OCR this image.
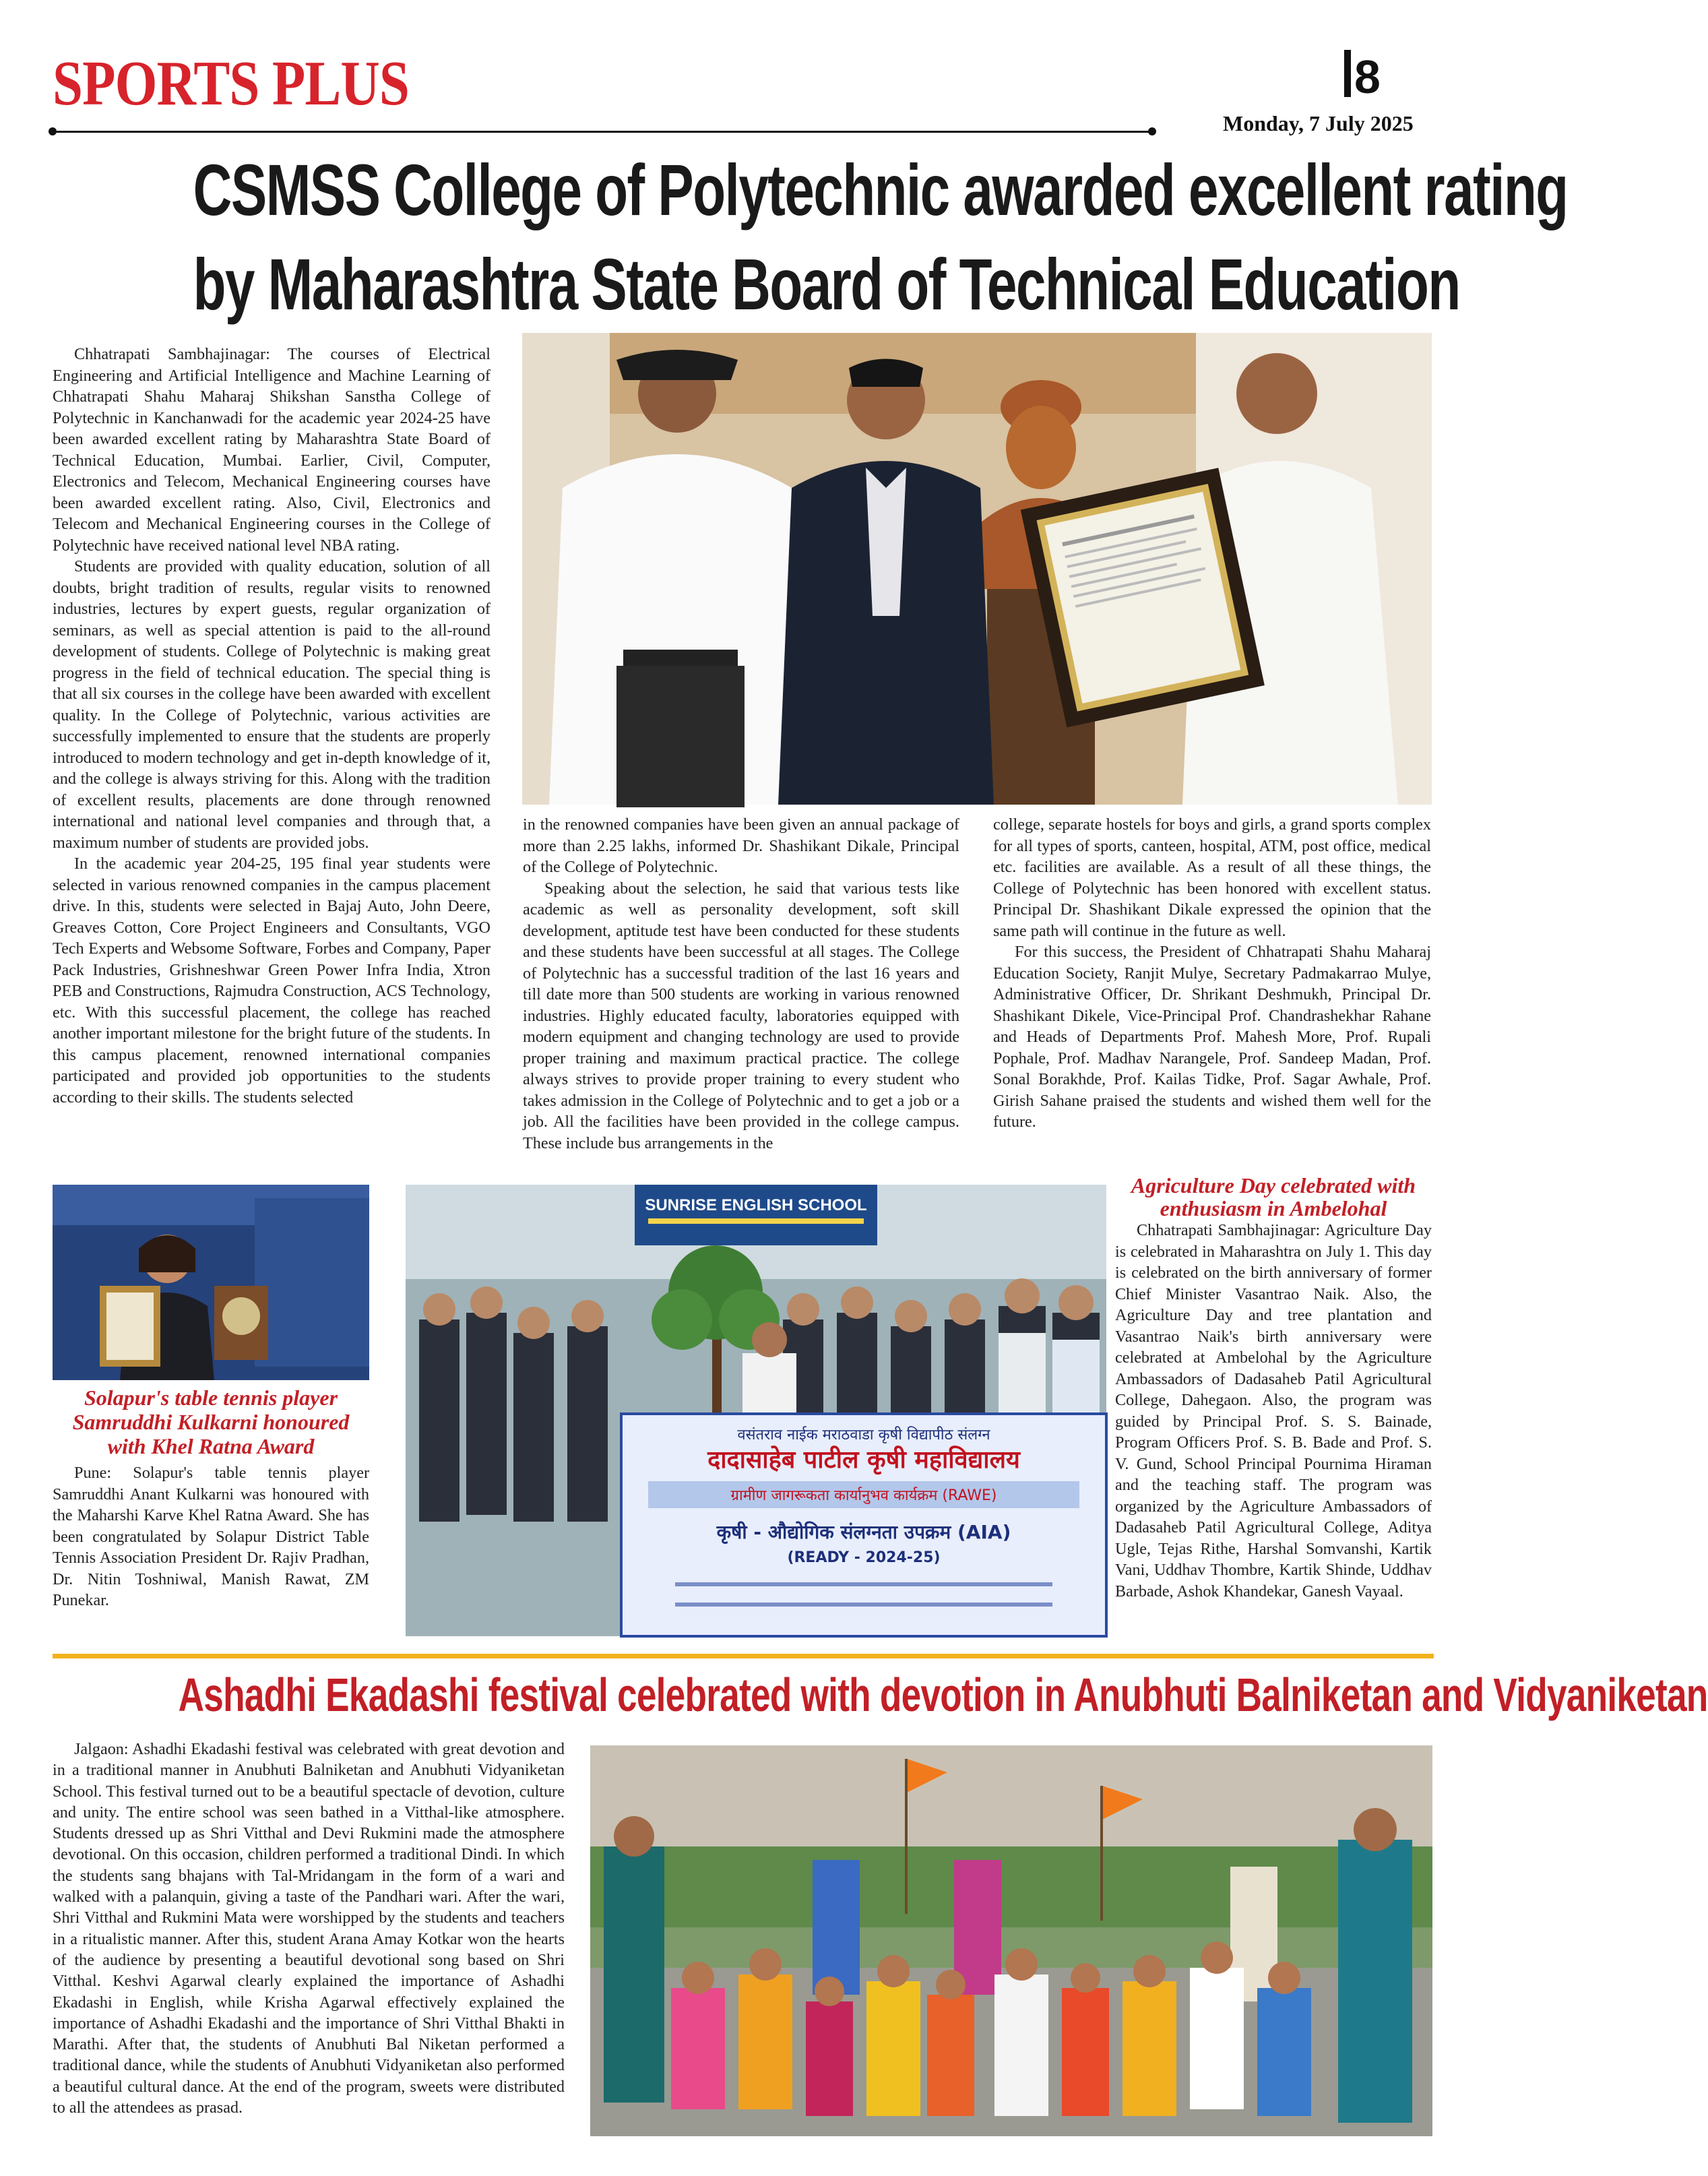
SPORTS PLUS	8
Monday, 7 July 2025
CSMSS College of Polytechnic awarded excellent rating
by Maharashtra State Board of Technical Education

Chhatrapati Sambhajinagar: The courses of Electrical Engineering and Artificial Intelligence and Machine Learning of Chhatrapati Shahu Maharaj Shikshan Sanstha College of Polytechnic in Kanchanwadi for the academic year 2024-25 have been awarded excellent rating by Maharashtra State Board of Technical Education, Mumbai. Earlier, Civil, Computer, Electronics and Telecom, Mechanical Engineering courses have been awarded excellent rating. Also, Civil, Electronics and Telecom and Mechanical Engineering courses in the College of Polytechnic have received national level NBA rating.

Students are provided with quality education, solution of all doubts, bright tradition of results, regular visits to renowned industries, lectures by expert guests, regular organization of seminars, as well as special attention is paid to the all-round development of students. College of Polytechnic is making great progress in the field of technical education. The special thing is that all six courses in the college have been awarded with excellent quality. In the College of Polytechnic, various activities are successfully implemented to ensure that the students are properly introduced to modern technology and get in-depth knowledge of it, and the college is always striving for this. Along with the tradition of excellent results, placements are done through renowned international and national level companies and through that, a maximum number of students are provided jobs.

In the academic year 204-25, 195 final year students were selected in various renowned companies in the campus placement drive. In this, students were selected in Bajaj Auto, John Deere, Greaves Cotton, Core Project Engineers and Consultants, VGO Tech Experts and Websome Software, Forbes and Company, Paper Pack Industries, Grishneshwar Green Power Infra India, Xtron PEB and Constructions, Rajmudra Construction, ACS Technology, etc. With this successful placement, the college has reached another important milestone for the bright future of the students. In this campus placement, renowned international companies participated and provided job opportunities to the students according to their skills. The students selected

in the renowned companies have been given an annual package of more than 2.25 lakhs, informed Dr. Shashikant Dikale, Principal of the College of Polytechnic.

Speaking about the selection, he said that various tests like academic as well as personality development, soft skill development, aptitude test have been conducted for these students and these students have been successful at all stages. The College of Polytechnic has a successful tradition of the last 16 years and till date more than 500 students are working in various renowned industries. Highly educated faculty, laboratories equipped with modern equipment and changing technology are used to provide proper training and maximum practical practice. The college always strives to provide proper training to every student who takes admission in the College of Polytechnic and to get a job or a job. All the facilities have been provided in the college campus. These include bus arrangements in the

college, separate hostels for boys and girls, a grand sports complex for all types of sports, canteen, hospital, ATM, post office, medical etc. facilities are available. As a result of all these things, the College of Polytechnic has been honored with excellent status. Principal Dr. Shashikant Dikale expressed the opinion that the same path will continue in the future as well.

For this success, the President of Chhatrapati Shahu Maharaj Education Society, Ranjit Mulye, Secretary Padmakarrao Mulye, Administrative Officer, Dr. Shrikant Deshmukh, Principal Dr. Shashikant Dikele, Vice-Principal Prof. Chandrashekhar Rahane and Heads of Departments Prof. Mahesh More, Prof. Rupali Pophale, Prof. Madhav Narangele, Prof. Sandeep Madan, Prof. Sonal Borakhde, Prof. Kailas Tidke, Prof. Sagar Awhale, Prof. Girish Sahane praised the students and wished them well for the future.

Solapur's table tennis player Samruddhi Kulkarni honoured with Khel Ratna Award

Pune: Solapur's table tennis player Samruddhi Anant Kulkarni was honoured with the Maharshi Karve Khel Ratna Award. She has been congratulated by Solapur District Table Tennis Association President Dr. Rajiv Pradhan, Dr. Nitin Toshniwal, Manish Rawat, ZM Punekar.

SUNRISE ENGLISH SCHOOL
वसंतराव नाईक मराठवाडा कृषी विद्यापीठ संलग्न
दादासाहेब पाटील कृषी महाविद्यालय
ग्रामीण जागरूकता कार्यानुभव कार्यक्रम (RAWE)
कृषी - औद्योगिक संलग्नता उपक्रम (AIA)
(READY - 2024-25)
Agriculture Day celebrated with enthusiasm in Ambelohal

Chhatrapati Sambhajinagar: Agriculture Day is celebrated in Maharashtra on July 1. This day is celebrated on the birth anniversary of former Chief Minister Vasantrao Naik. Also, the Agriculture Day and tree plantation and Vasantrao Naik's birth anniversary were celebrated at Ambelohal by the Agriculture Ambassadors of Dadasaheb Patil Agricultural College, Dahegaon. Also, the program was guided by Principal Prof. S. S. Bainade, Program Officers Prof. S. B. Bade and Prof. S. V. Gund, School Principal Pournima Hiraman and the teaching staff. The program was organized by the Agriculture Ambassadors of Dadasaheb Patil Agricultural College, Aditya Ugle, Tejas Rithe, Harshal Somvanshi, Kartik Vani, Uddhav Thombre, Kartik Shinde, Uddhav Barbade, Ashok Khandekar, Ganesh Vayaal.

Ashadhi Ekadashi festival celebrated with devotion in Anubhuti Balniketan and Vidyaniketan

Jalgaon: Ashadhi Ekadashi festival was celebrated with great devotion and in a traditional manner in Anubhuti Balniketan and Anubhuti Vidyaniketan School. This festival turned out to be a beautiful spectacle of devotion, culture and unity. The entire school was seen bathed in a Vitthal-like atmosphere. Students dressed up as Shri Vitthal and Devi Rukmini made the atmosphere devotional. On this occasion, children performed a traditional Dindi. In which the students sang bhajans with Tal-Mridangam in the form of a wari and walked with a palanquin, giving a taste of the Pandhari wari. After the wari, Shri Vitthal and Rukmini Mata were worshipped by the students and teachers in a ritualistic manner. After this, student Arana Amay Kotkar won the hearts of the audience by presenting a beautiful devotional song based on Shri Vitthal. Keshvi Agarwal clearly explained the importance of Ashadhi Ekadashi in English, while Krisha Agarwal effectively explained the importance of Ashadhi Ekadashi and the importance of Shri Vitthal Bhakti in Marathi. After that, the students of Anubhuti Bal Niketan performed a traditional dance, while the students of Anubhuti Vidyaniketan also performed a beautiful cultural dance. At the end of the program, sweets were distributed to all the attendees as prasad.
